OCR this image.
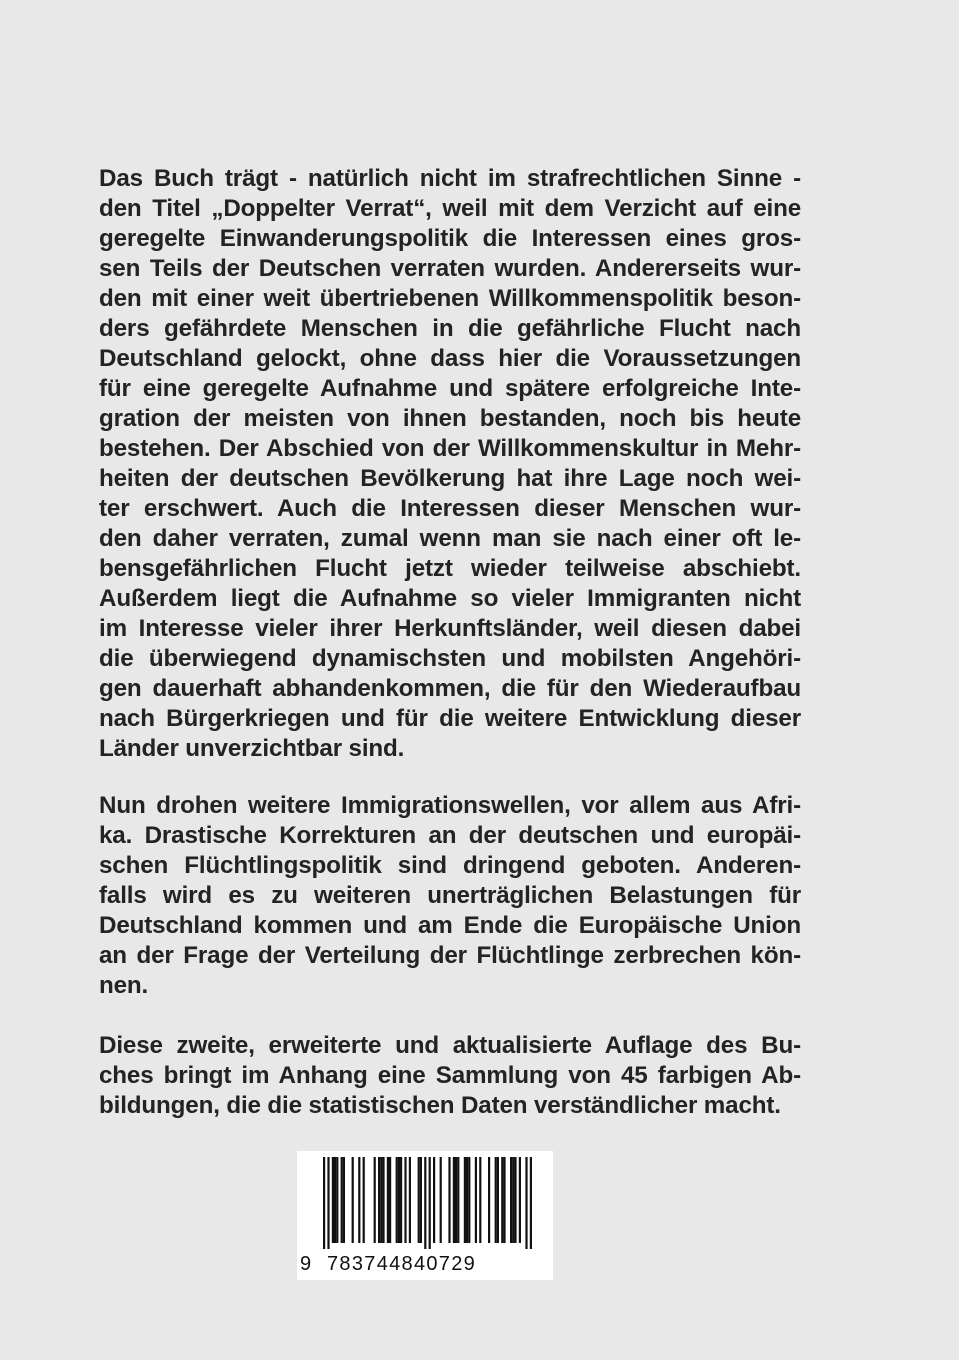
Das Buch trägt - natürlich nicht im strafrechtlichen Sinne -
den Titel „Doppelter Verrat“, weil mit dem Verzicht auf eine
geregelte Einwanderungspolitik die Interessen eines gros-
sen Teils der Deutschen verraten wurden. Andererseits wur-
den mit einer weit übertriebenen Willkommenspolitik beson-
ders gefährdete Menschen in die gefährliche Flucht nach
Deutschland gelockt, ohne dass hier die Voraussetzungen
für eine geregelte Aufnahme und spätere erfolgreiche Inte-
gration der meisten von ihnen bestanden, noch bis heute
bestehen. Der Abschied von der Willkommenskultur in Mehr-
heiten der deutschen Bevölkerung hat ihre Lage noch wei-
ter erschwert. Auch die Interessen dieser Menschen wur-
den daher verraten, zumal wenn man sie nach einer oft le-
bensgefährlichen Flucht jetzt wieder teilweise abschiebt.
Außerdem liegt die Aufnahme so vieler Immigranten nicht
im Interesse vieler ihrer Herkunftsländer, weil diesen dabei
die überwiegend dynamischsten und mobilsten Angehöri-
gen dauerhaft abhandenkommen, die für den Wiederaufbau
nach Bürgerkriegen und für die weitere Entwicklung dieser
Länder unverzichtbar sind.
Nun drohen weitere Immigrationswellen, vor allem aus Afri-
ka. Drastische Korrekturen an der deutschen und europäi-
schen Flüchtlingspolitik sind dringend geboten. Anderen-
falls wird es zu weiteren unerträglichen Belastungen für
Deutschland kommen und am Ende die Europäische Union
an der Frage der Verteilung der Flüchtlinge zerbrechen kön-
nen.
Diese zweite, erweiterte und aktualisierte Auflage des Bu-
ches bringt im Anhang eine Sammlung von 45 farbigen Ab-
bildungen, die die statistischen Daten verständlicher macht.
9 783744840729
